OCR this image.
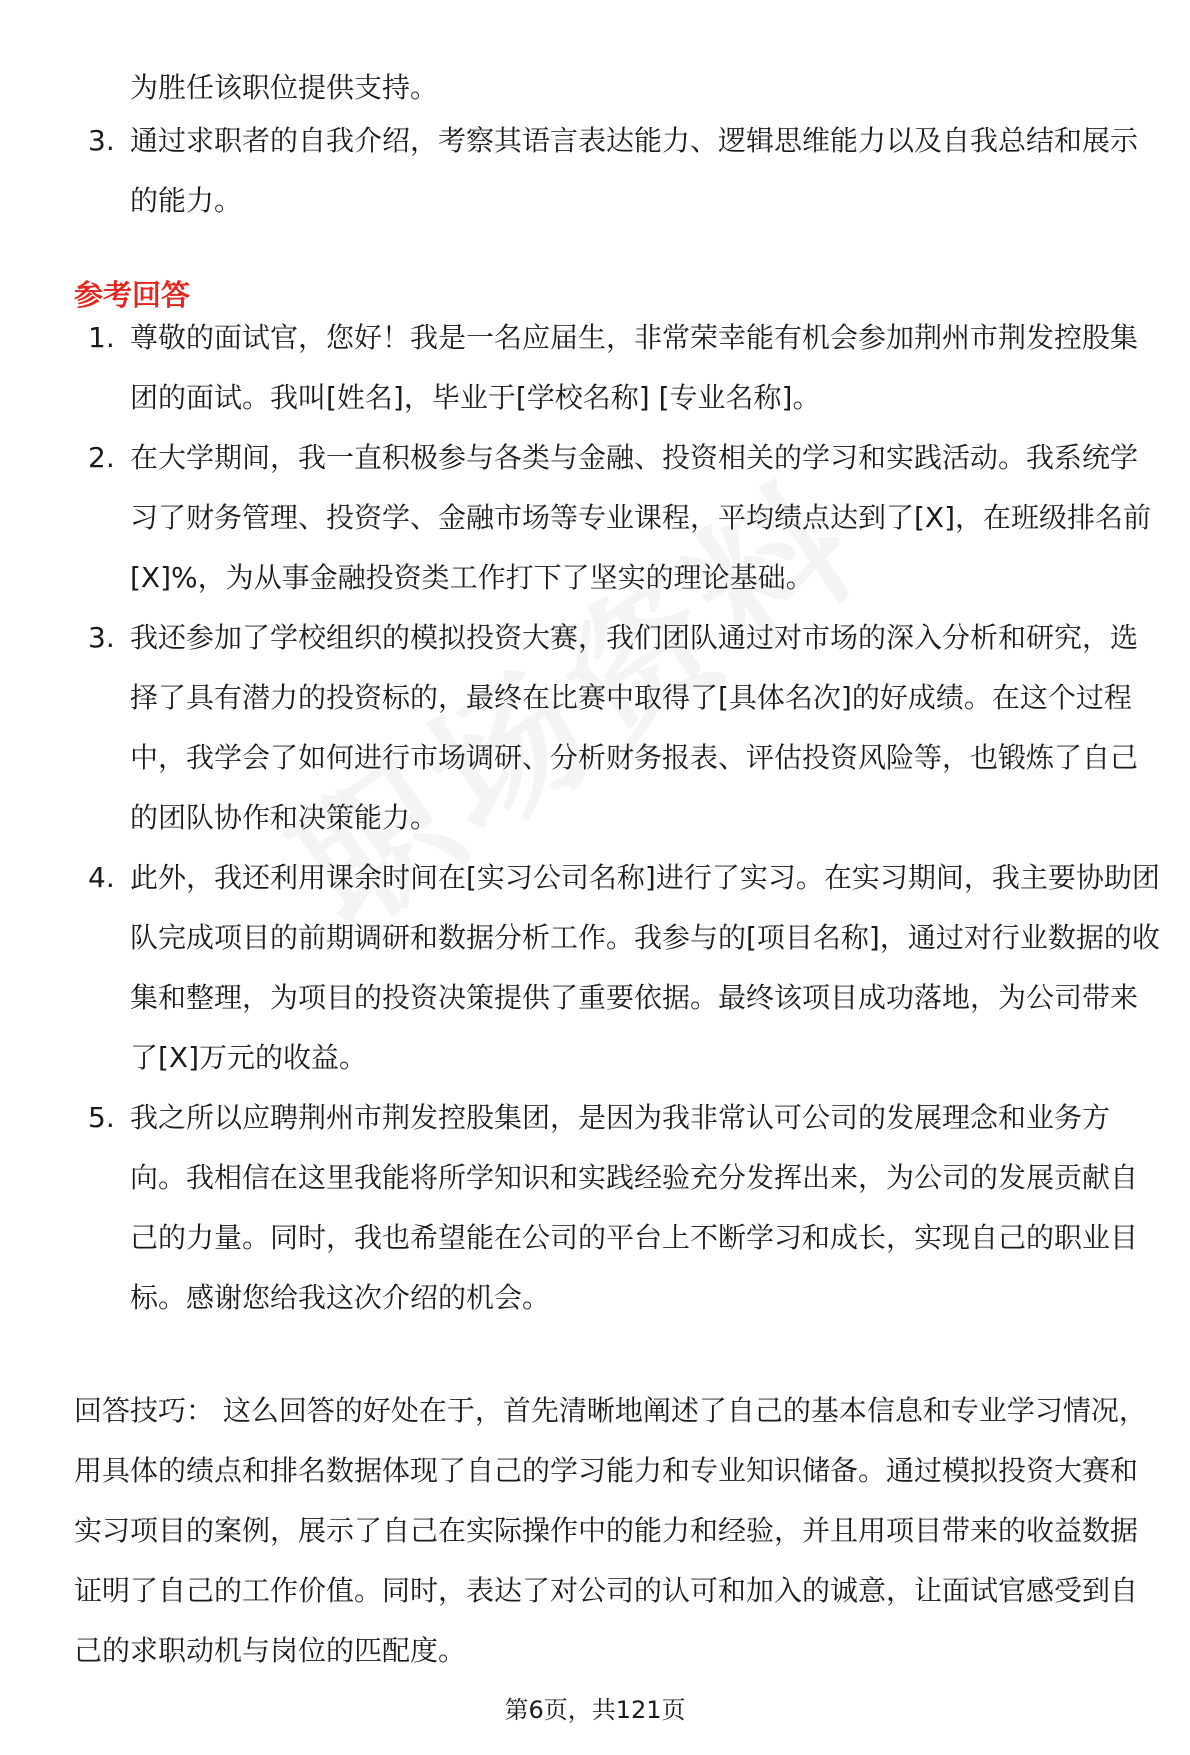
为胜任该职位提供支持。
3. 通过求职者的自我介绍，考察其语言表达能力、逻辑思维能力以及自我总结和展示的能力。
参考回答
1. 尊敬的面试官，您好！我是一名应届生，非常荣幸能有机会参加荆州市荆发控股集团的面试。我叫[姓名]，毕业于[学校名称] [专业名称]。
2. 在大学期间，我一直积极参与各类与金融、投资相关的学习和实践活动。我系统学习了财务管理、投资学、金融市场等专业课程，平均绩点达到了[X]，在班级排名前[X]%，为从事金融投资类工作打下了坚实的理论基础。
3. 我还参加了学校组织的模拟投资大赛，我们团队通过对市场的深入分析和研究，选择了具有潜力的投资标的，最终在比赛中取得了[具体名次]的好成绩。在这个过程中，我学会了如何进行市场调研、分析财务报表、评估投资风险等，也锻炼了自己的团队协作和决策能力。
4. 此外，我还利用课余时间在[实习公司名称]进行了实习。在实习期间，我主要协助团队完成项目的前期调研和数据分析工作。我参与的[项目名称]，通过对行业数据的收集和整理，为项目的投资决策提供了重要依据。最终该项目成功落地，为公司带来了[X]万元的收益。
5. 我之所以应聘荆州市荆发控股集团，是因为我非常认可公司的发展理念和业务方向。我相信在这里我能将所学知识和实践经验充分发挥出来，为公司的发展贡献自己的力量。同时，我也希望能在公司的平台上不断学习和成长，实现自己的职业目标。感谢您给我这次介绍的机会。
回答技巧： 这么回答的好处在于，首先清晰地阐述了自己的基本信息和专业学习情况，用具体的绩点和排名数据体现了自己的学习能力和专业知识储备。通过模拟投资大赛和实习项目的案例，展示了自己在实际操作中的能力和经验，并且用项目带来的收益数据证明了自己的工作价值。同时，表达了对公司的认可和加入的诚意，让面试官感受到自己的求职动机与岗位的匹配度。
第6页，共121页
